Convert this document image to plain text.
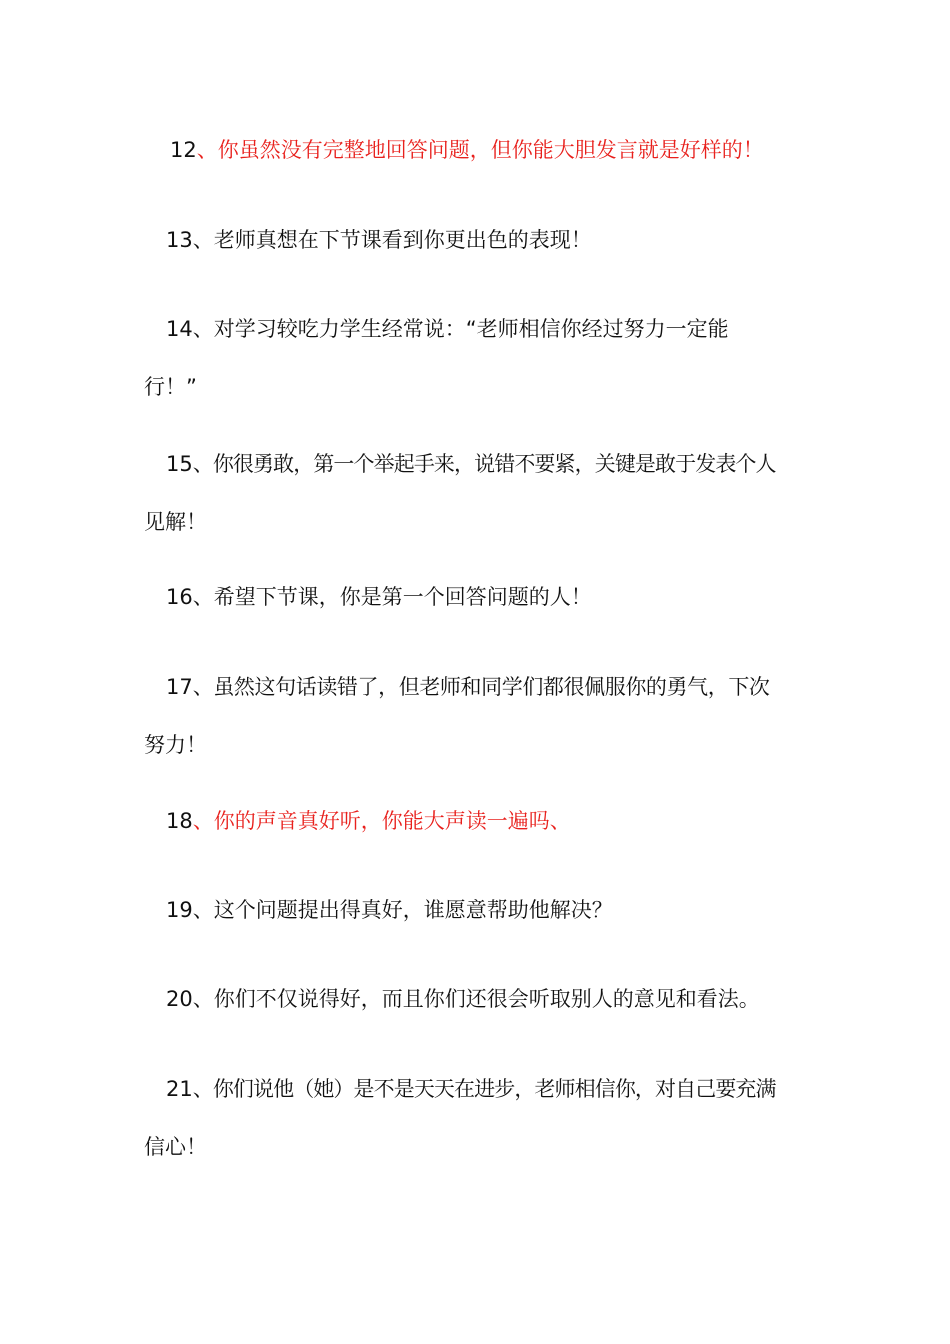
12、你虽然没有完整地回答问题，但你能大胆发言就是好样的！
13、老师真想在下节课看到你更出色的表现！
14、对学习较吃力学生经常说：“老师相信你经过努力一定能
行！”
15、你很勇敢，第一个举起手来，说错不要紧，关键是敢于发表个人
见解！
16、希望下节课，你是第一个回答问题的人！
17、虽然这句话读错了，但老师和同学们都很佩服你的勇气，下次
努力！
18、你的声音真好听，你能大声读一遍吗、
19、这个问题提出得真好，谁愿意帮助他解决？
20、你们不仅说得好，而且你们还很会听取别人的意见和看法。
21、你们说他（她）是不是天天在进步，老师相信你，对自己要充满
信心！
